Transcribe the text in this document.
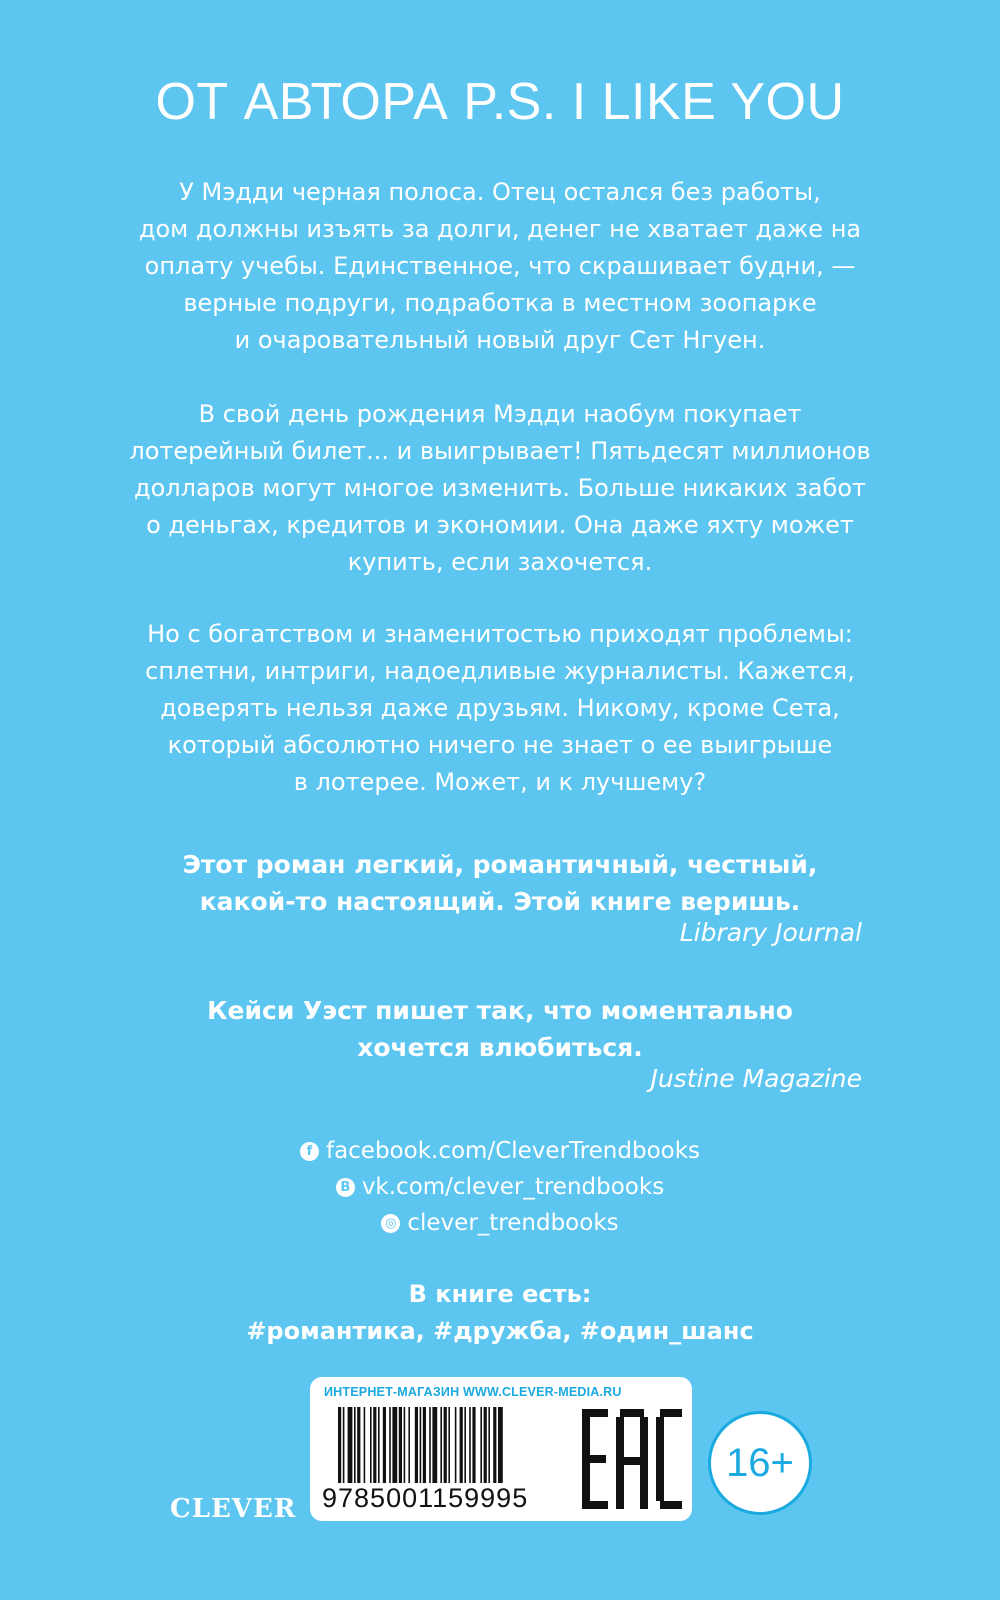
ОТ АВТОРА P.S. I LIKE YOU
У Мэдди черная полоса. Отец остался без работы,
дом должны изъять за долги, денег не хватает даже на
оплату учебы. Единственное, что скрашивает будни, —
верные подруги, подработка в местном зоопарке
и очаровательный новый друг Сет Нгуен.
В свой день рождения Мэдди наобум покупает
лотерейный билет... и выигрывает! Пятьдесят миллионов
долларов могут многое изменить. Больше никаких забот
о деньгах, кредитов и экономии. Она даже яхту может
купить, если захочется.
Но с богатством и знаменитостью приходят проблемы:
сплетни, интриги, надоедливые журналисты. Кажется,
доверять нельзя даже друзьям. Никому, кроме Сета,
который абсолютно ничего не знает о ее выигрыше
в лотерее. Может, и к лучшему?
Этот роман легкий, романтичный, честный,
какой-то настоящий. Этой книге веришь.
Library Journal
Кейси Уэст пишет так, что моментально
хочется влюбиться.
Justine Magazine
f facebook.com/CleverTrendbooks
B vk.com/clever_trendbooks
◎ clever_trendbooks
В книге есть:
#романтика, #дружба, #один_шанс
CLEVER
ИНТЕРНЕТ-МАГАЗИН WWW.CLEVER-MEDIA.RU
9785001159995
16+
